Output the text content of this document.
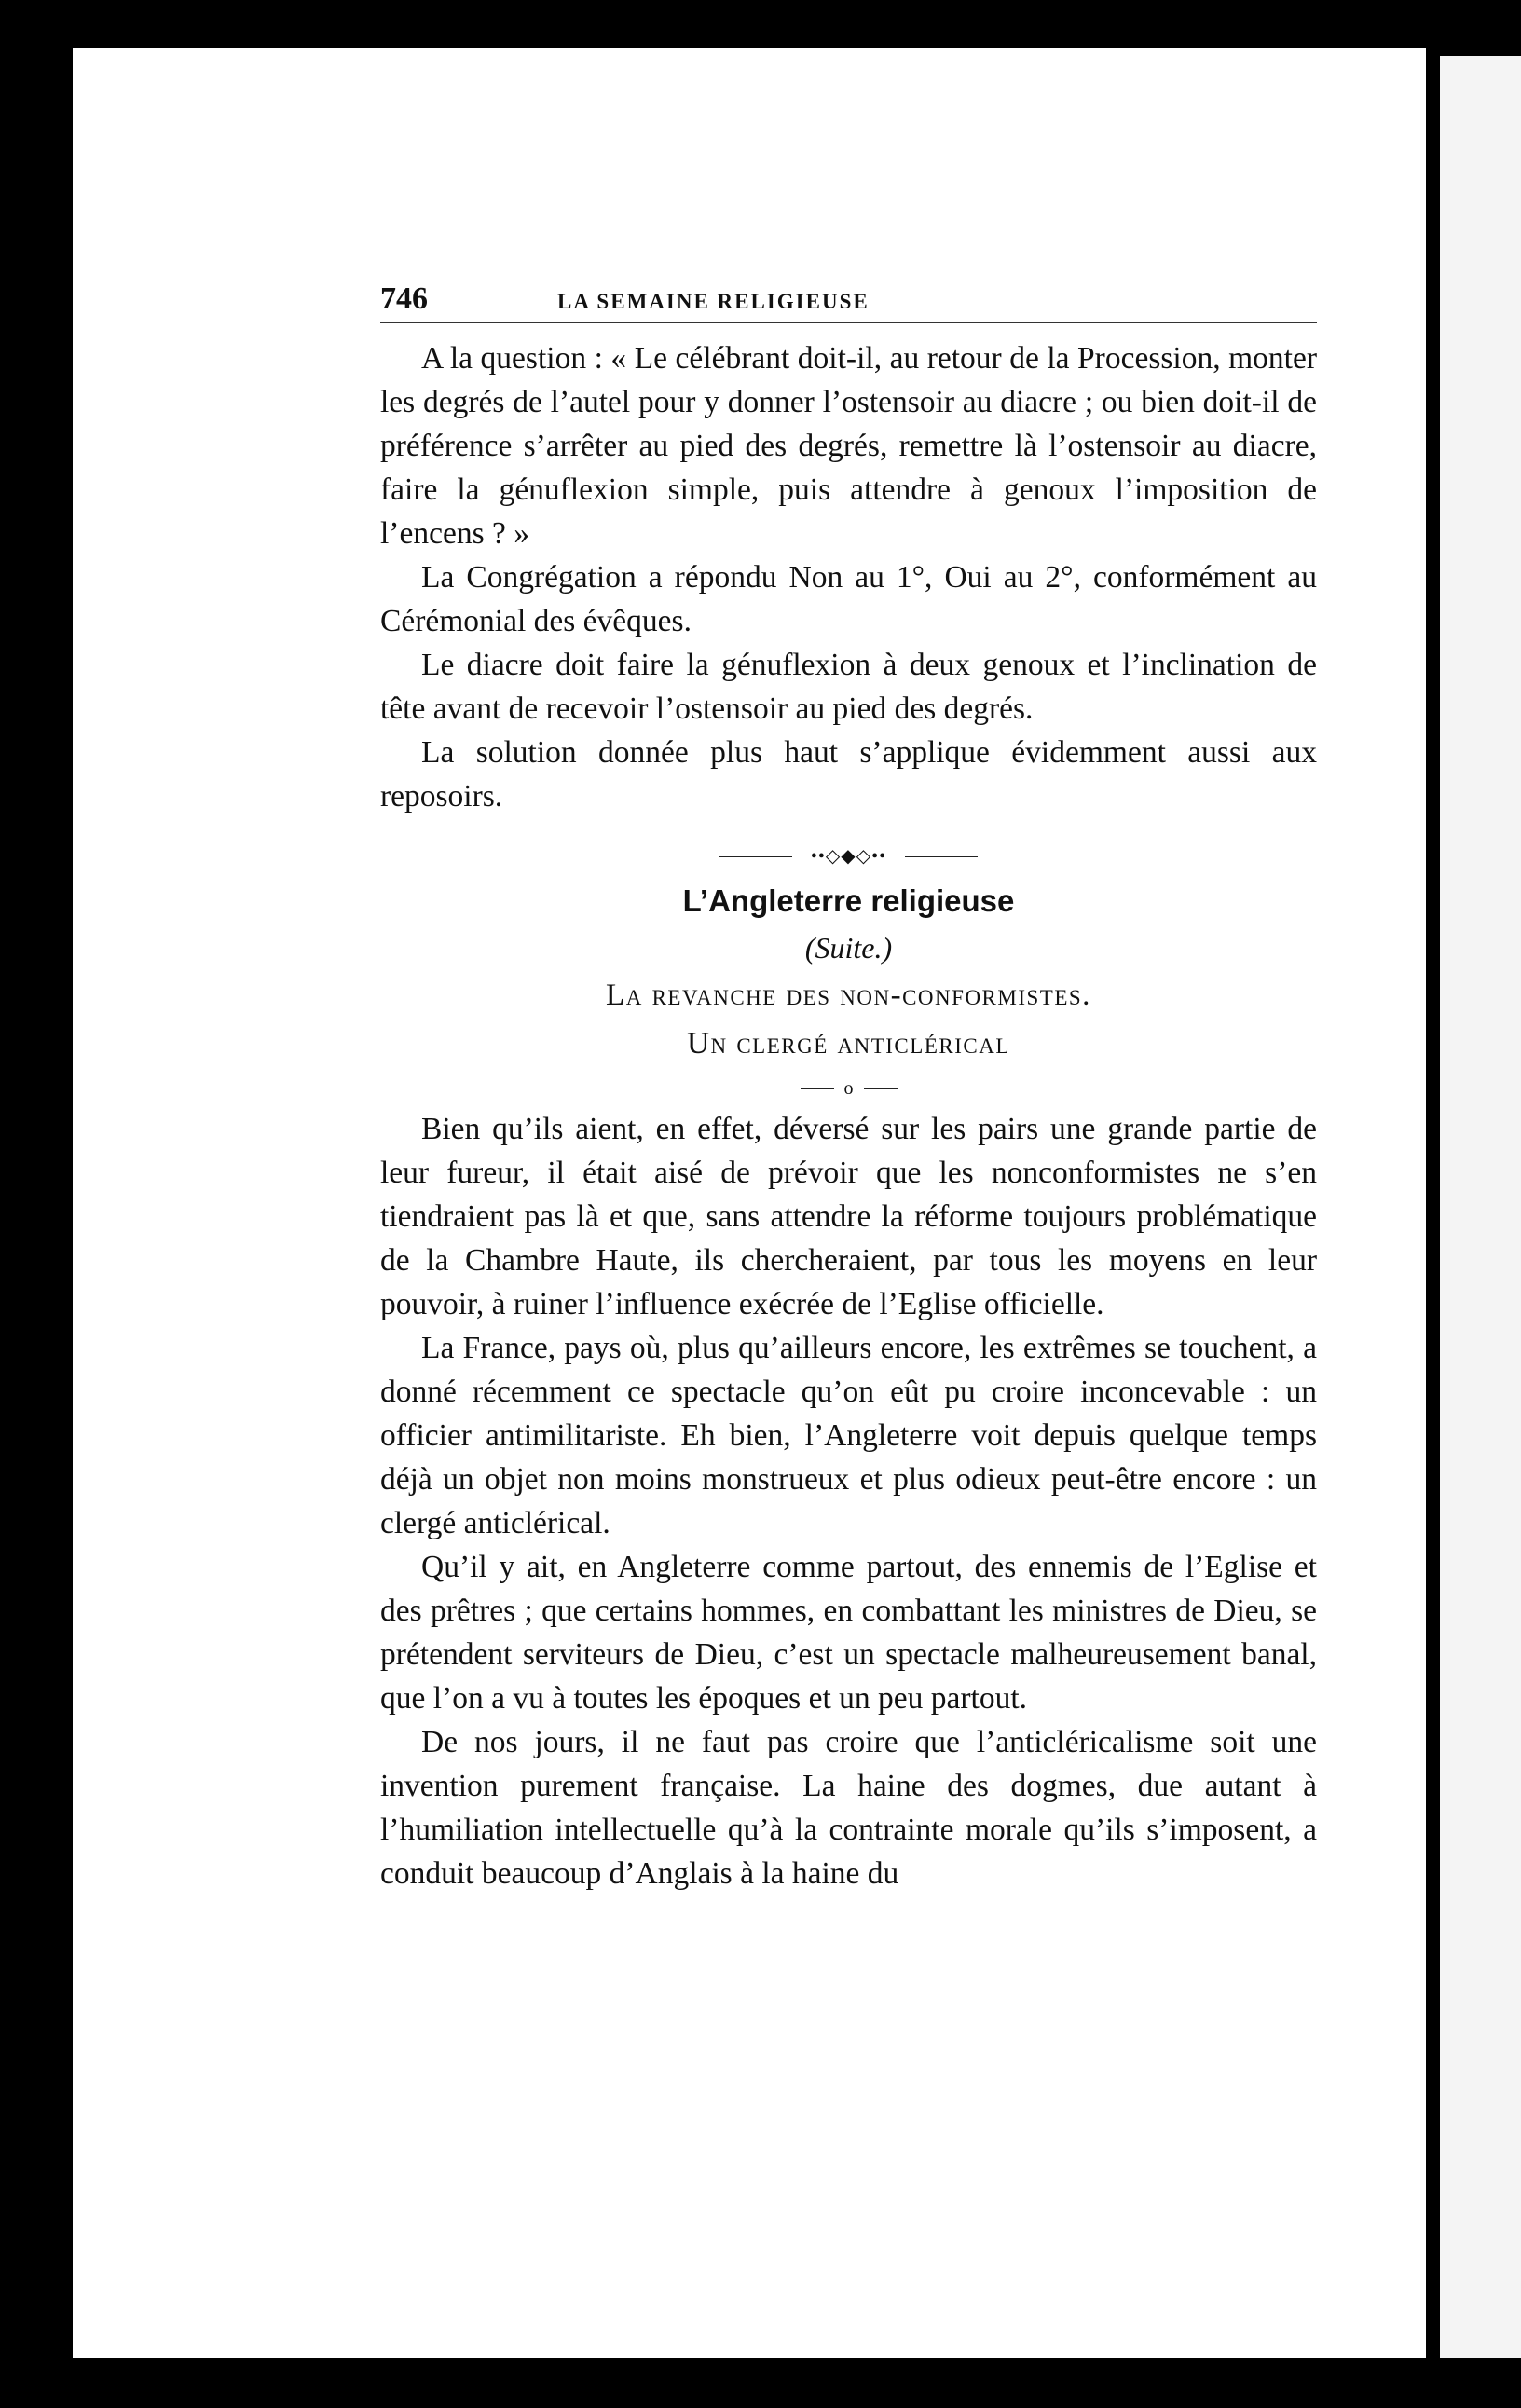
746	LA SEMAINE RELIGIEUSE

A la question : « Le célébrant doit-il, au retour de la Procession, monter les degrés de l’autel pour y donner l’ostensoir au diacre ; ou bien doit-il de préférence s’arrêter au pied des degrés, remettre là l’ostensoir au diacre, faire la génuflexion simple, puis attendre à genoux l’imposition de l’encens ? »

La Congrégation a répondu Non au 1°, Oui au 2°, conformément au Cérémonial des évêques.

Le diacre doit faire la génuflexion à deux genoux et l’inclination de tête avant de recevoir l’ostensoir au pied des degrés.

La solution donnée plus haut s’applique évidemment aussi aux reposoirs.

••◇◆◇••
L’Angleterre religieuse
(Suite.)
La revanche des non-conformistes.
Un clergé anticlérical
o

Bien qu’ils aient, en effet, déversé sur les pairs une grande partie de leur fureur, il était aisé de prévoir que les nonconformistes ne s’en tiendraient pas là et que, sans attendre la réforme toujours problématique de la Chambre Haute, ils chercheraient, par tous les moyens en leur pouvoir, à ruiner l’influence exécrée de l’Eglise officielle.

La France, pays où, plus qu’ailleurs encore, les extrêmes se touchent, a donné récemment ce spectacle qu’on eût pu croire inconcevable : un officier antimilitariste. Eh bien, l’Angleterre voit depuis quelque temps déjà un objet non moins monstrueux et plus odieux peut-être encore : un clergé anticlérical.

Qu’il y ait, en Angleterre comme partout, des ennemis de l’Eglise et des prêtres ; que certains hommes, en combattant les ministres de Dieu, se prétendent serviteurs de Dieu, c’est un spectacle malheureusement banal, que l’on a vu à toutes les époques et un peu partout.

De nos jours, il ne faut pas croire que l’anticléricalisme soit une invention purement française. La haine des dogmes, due autant à l’humiliation intellectuelle qu’à la contrainte morale qu’ils s’imposent, a conduit beaucoup d’Anglais à la haine du
